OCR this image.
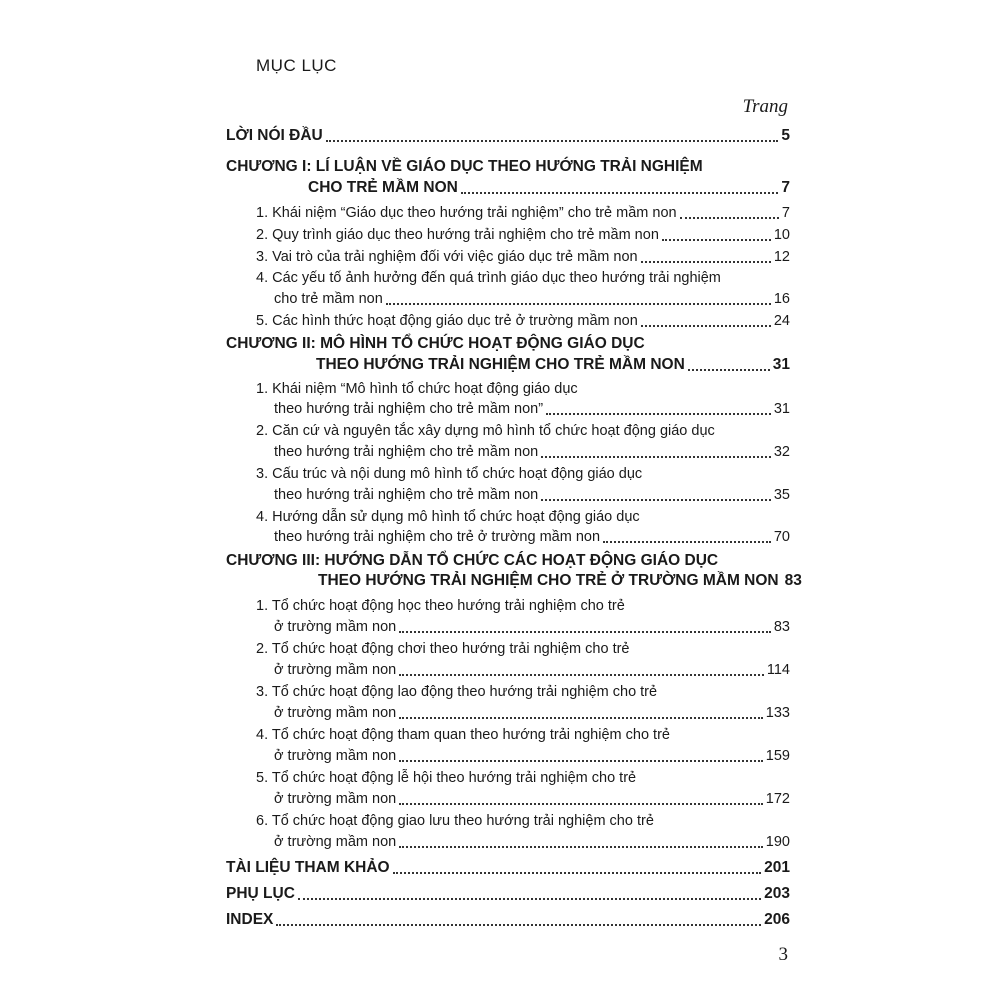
MỤC LỤC
Trang
LỜI NÓI ĐẦU	5
CHƯƠNG I: LÍ LUẬN VỀ GIÁO DỤC THEO HƯỚNG TRẢI NGHIỆM
CHO TRẺ MẦM NON	7
1. Khái niệm “Giáo dục theo hướng trải nghiệm” cho trẻ mầm non	7
2. Quy trình giáo dục theo hướng trải nghiệm cho trẻ mầm non	10
3. Vai trò của trải nghiệm đối với việc giáo dục trẻ mầm non	12
4. Các yếu tố ảnh hưởng đến quá trình giáo dục theo hướng trải nghiệm
cho trẻ mầm non	16
5. Các hình thức hoạt động giáo dục trẻ ở trường mầm non	24
CHƯƠNG II: MÔ HÌNH TỔ CHỨC HOẠT ĐỘNG GIÁO DỤC
THEO HƯỚNG TRẢI NGHIỆM CHO TRẺ MẦM NON	31
1. Khái niệm “Mô hình tổ chức hoạt động giáo dục
theo hướng trải nghiệm cho trẻ mầm non”	31
2. Căn cứ và nguyên tắc xây dựng mô hình tổ chức hoạt động giáo dục
theo hướng trải nghiệm cho trẻ mầm non	32
3. Cấu trúc và nội dung mô hình tổ chức hoạt động giáo dục
theo hướng trải nghiệm cho trẻ mầm non	35
4. Hướng dẫn sử dụng mô hình tổ chức hoạt động giáo dục
theo hướng trải nghiệm cho trẻ ở trường mầm non	70
CHƯƠNG III: HƯỚNG DẪN TỔ CHỨC CÁC HOẠT ĐỘNG GIÁO DỤC
THEO HƯỚNG TRẢI NGHIỆM CHO TRẺ Ở TRƯỜNG MẦM NON 83
1. Tổ chức hoạt động học theo hướng trải nghiệm cho trẻ
ở trường mầm non	83
2. Tổ chức hoạt động chơi theo hướng trải nghiệm cho trẻ
ở trường mầm non	114
3. Tổ chức hoạt động lao động theo hướng trải nghiệm cho trẻ
ở trường mầm non	133
4. Tổ chức hoạt động tham quan theo hướng trải nghiệm cho trẻ
ở trường mầm non	159
5. Tổ chức hoạt động lễ hội theo hướng trải nghiệm cho trẻ
ở trường mầm non	172
6. Tổ chức hoạt động giao lưu theo hướng trải nghiệm cho trẻ
ở trường mầm non	190
TÀI LIỆU THAM KHẢO	201
PHỤ LỤC	203
INDEX	206
3
